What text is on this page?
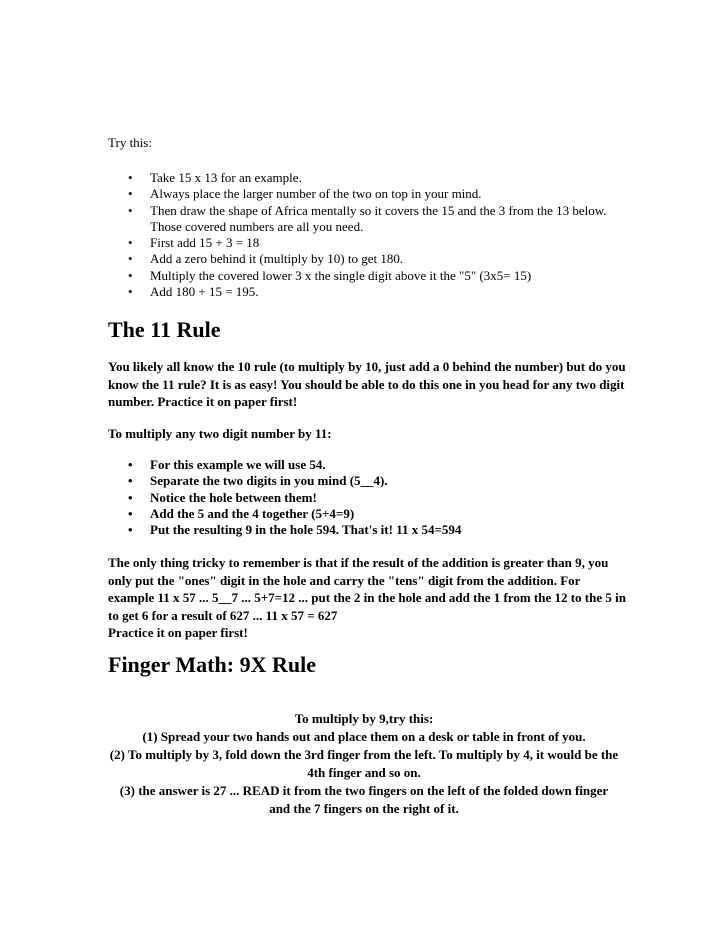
Try this:
• Take 15 x 13 for an example.
• Always place the larger number of the two on top in your mind.
• Then draw the shape of Africa mentally so it covers the 15 and the 3 from the 13 below. Those covered numbers are all you need.
• First add 15 + 3 = 18
• Add a zero behind it (multiply by 10) to get 180.
• Multiply the covered lower 3 x the single digit above it the "5" (3x5= 15)
• Add 180 + 15 = 195.
The 11 Rule
You likely all know the 10 rule (to multiply by 10, just add a 0 behind the number) but do you know the 11 rule? It is as easy! You should be able to do this one in you head for any two digit number. Practice it on paper first!
To multiply any two digit number by 11:
• For this example we will use 54.
• Separate the two digits in you mind (5__4).
• Notice the hole between them!
• Add the 5 and the 4 together (5+4=9)
• Put the resulting 9 in the hole 594. That's it! 11 x 54=594
The only thing tricky to remember is that if the result of the addition is greater than 9, you only put the "ones" digit in the hole and carry the "tens" digit from the addition. For example 11 x 57 ... 5__7 ... 5+7=12 ... put the 2 in the hole and add the 1 from the 12 to the 5 in to get 6 for a result of 627 ... 11 x 57 = 627
Practice it on paper first!
Finger Math: 9X Rule
To multiply by 9,try this:
(1) Spread your two hands out and place them on a desk or table in front of you.
(2) To multiply by 3, fold down the 3rd finger from the left. To multiply by 4, it would be the 4th finger and so on.
(3) the answer is 27 ... READ it from the two fingers on the left of the folded down finger and the 7 fingers on the right of it.
